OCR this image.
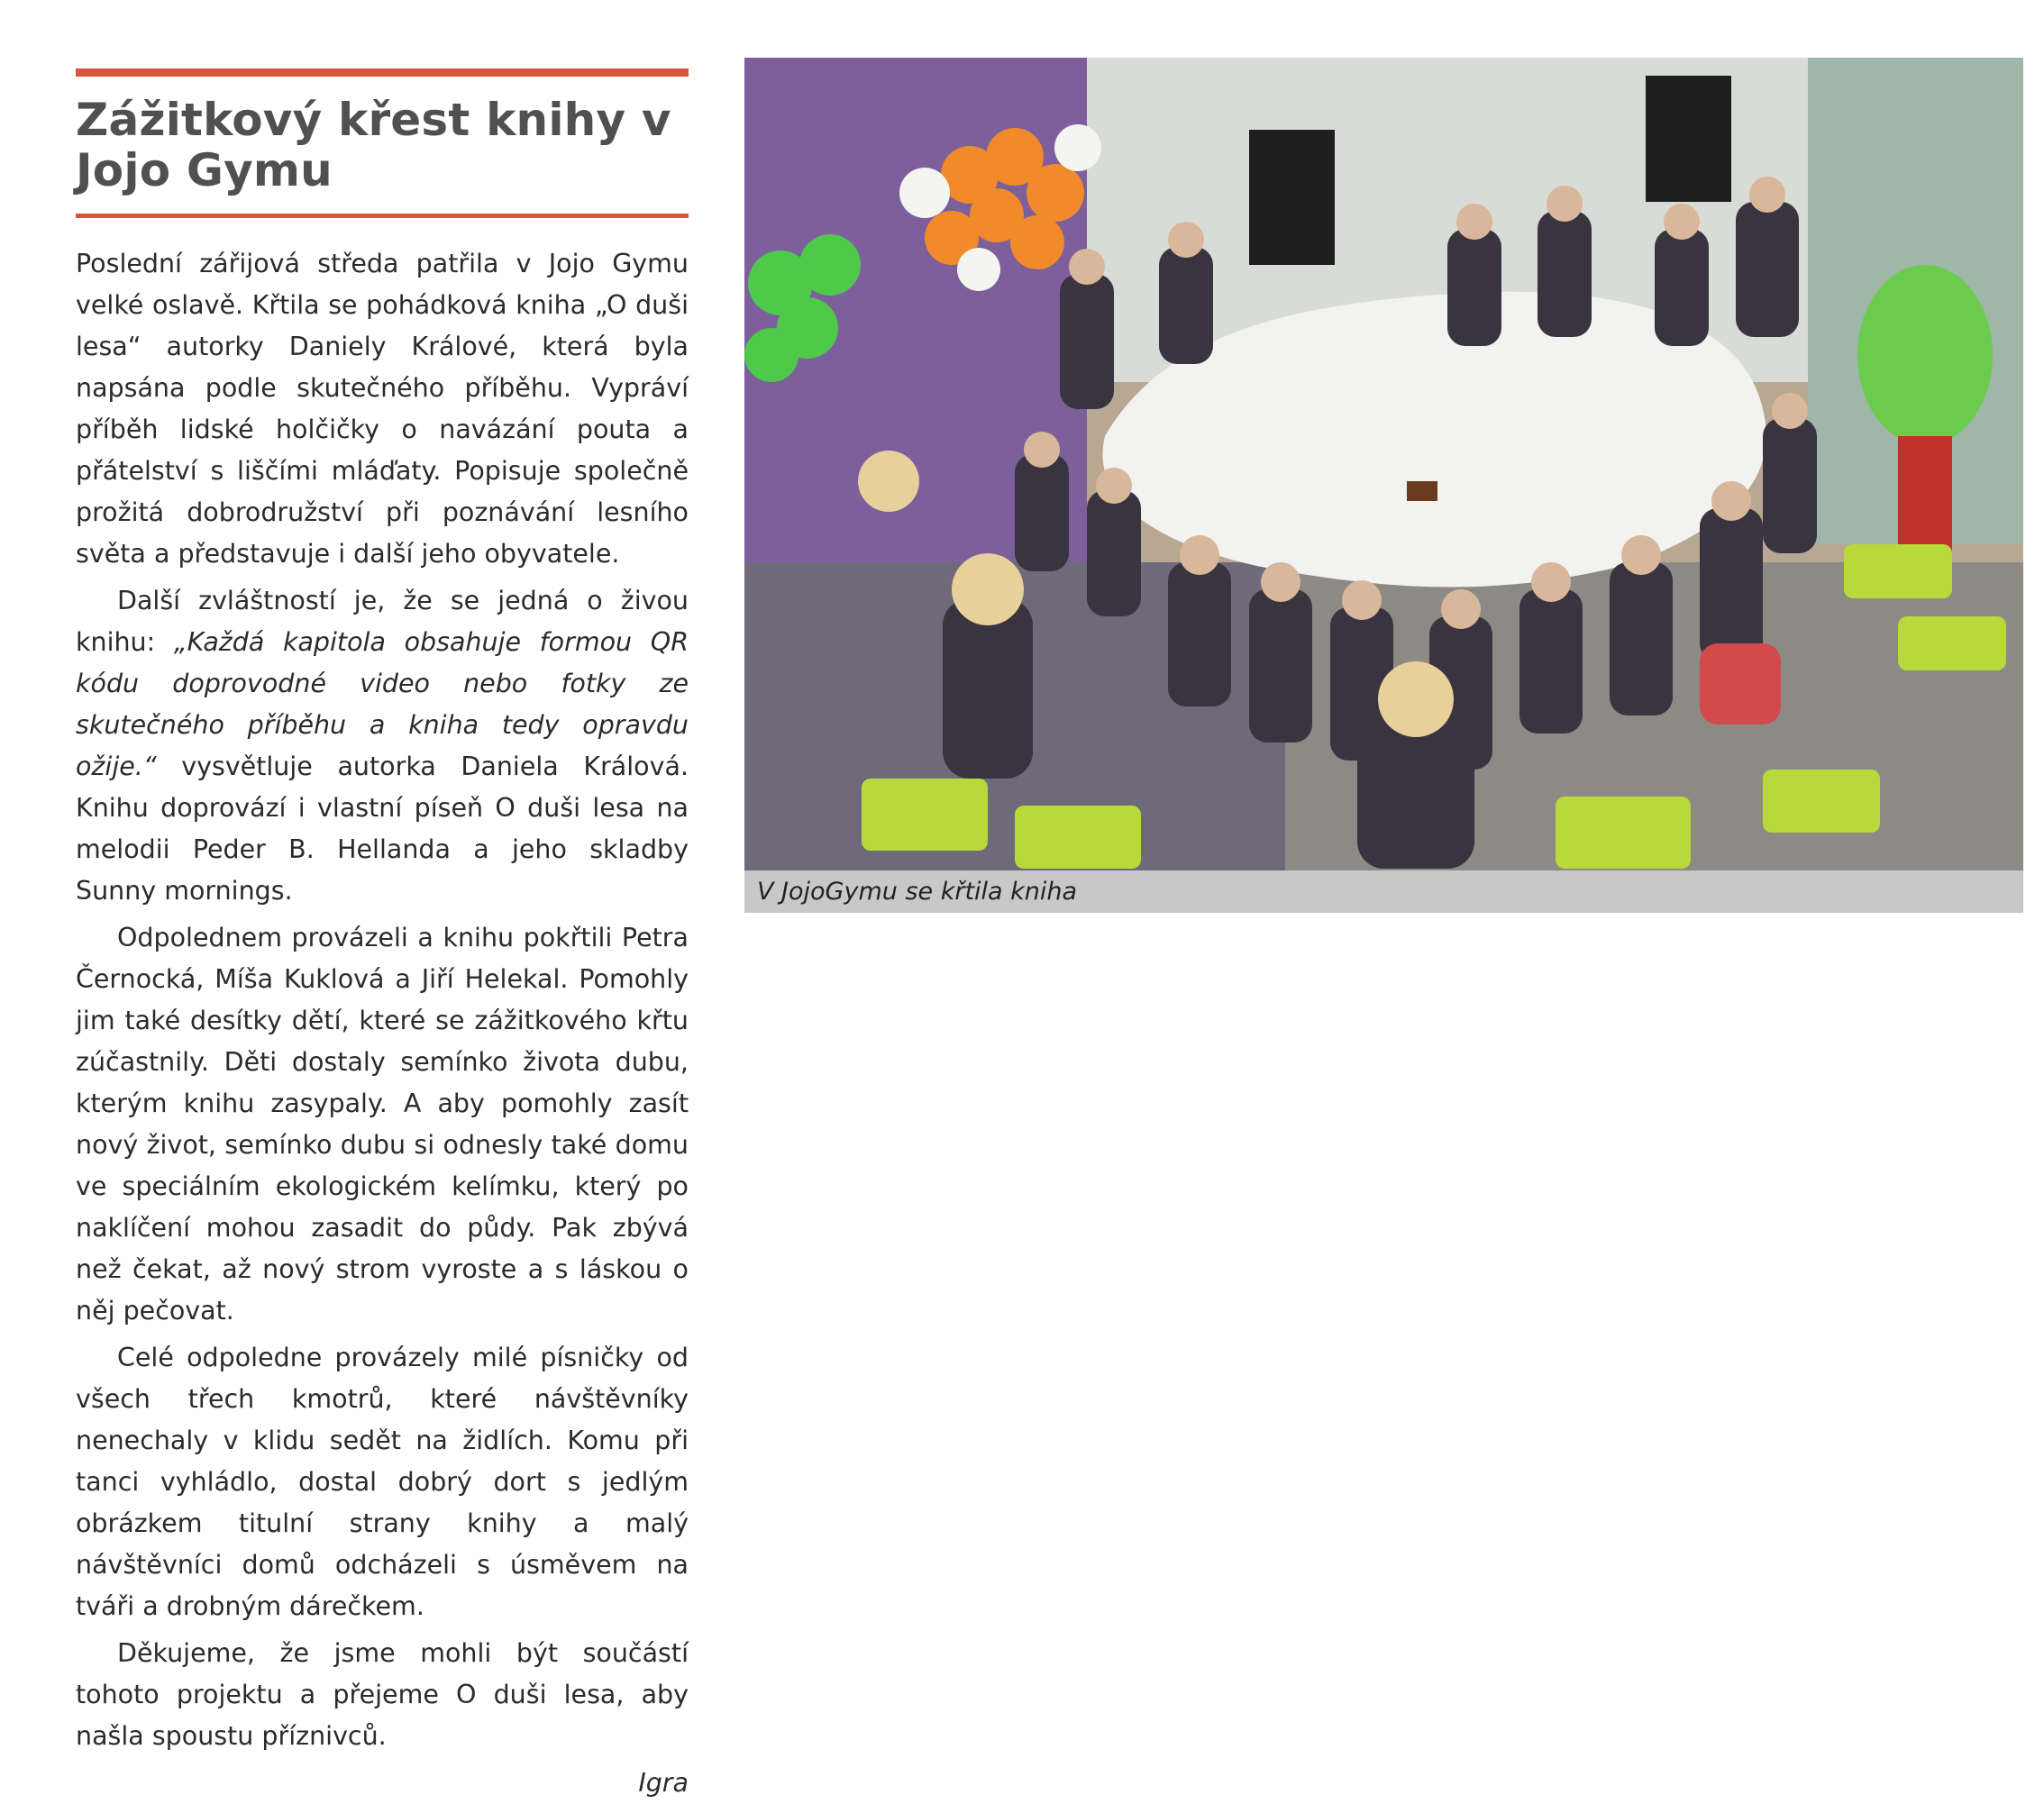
Zážitkový křest knihy v Jojo Gymu

Poslední zářijová středa patřila v Jojo Gymu velké oslavě. Křtila se pohádková kniha „O duši lesa“ autorky Daniely Králové, která byla napsána podle skutečného příběhu. Vypráví příběh lidské holčičky o navázání pouta a přátelství s liščími mláďaty. Popisuje společně prožitá dobrodružství při poznávání lesního světa a představuje i další jeho obyvatele.

Další zvláštností je, že se jedná o živou knihu: „Každá kapitola obsahuje formou QR kódu doprovodné video nebo fotky ze skutečného příběhu a kniha tedy opravdu ožije.“ vysvětluje autorka Daniela Králová. Knihu doprovází i vlastní píseň O duši lesa na melodii Peder B. Hellanda a jeho skladby Sunny mornings.

Odpolednem provázeli a knihu pokřtili Petra Černocká, Míša Kuklová a Jiří Helekal. Pomohly jim také desítky dětí, které se zážitkového křtu zúčastnily. Děti dostaly semínko života dubu, kterým knihu zasypaly. A aby pomohly zasít nový život, semínko dubu si odnesly také domu ve speciálním ekologickém kelímku, který po naklíčení mohou zasadit do půdy. Pak zbývá než čekat, až nový strom vyroste a s láskou o něj pečovat.

Celé odpoledne provázely milé písničky od všech třech kmotrů, které návštěvníky nenechaly v klidu sedět na židlích. Komu při tanci vyhládlo, dostal dobrý dort s jedlým obrázkem titulní strany knihy a malý návštěvníci domů odcházeli s úsměvem na tváři a drobným dárečkem.

Děkujeme, že jsme mohli být součástí tohoto projektu a přejeme O duši lesa, aby našla spoustu příznivců.

Igra
V JojoGymu se křtila kniha
